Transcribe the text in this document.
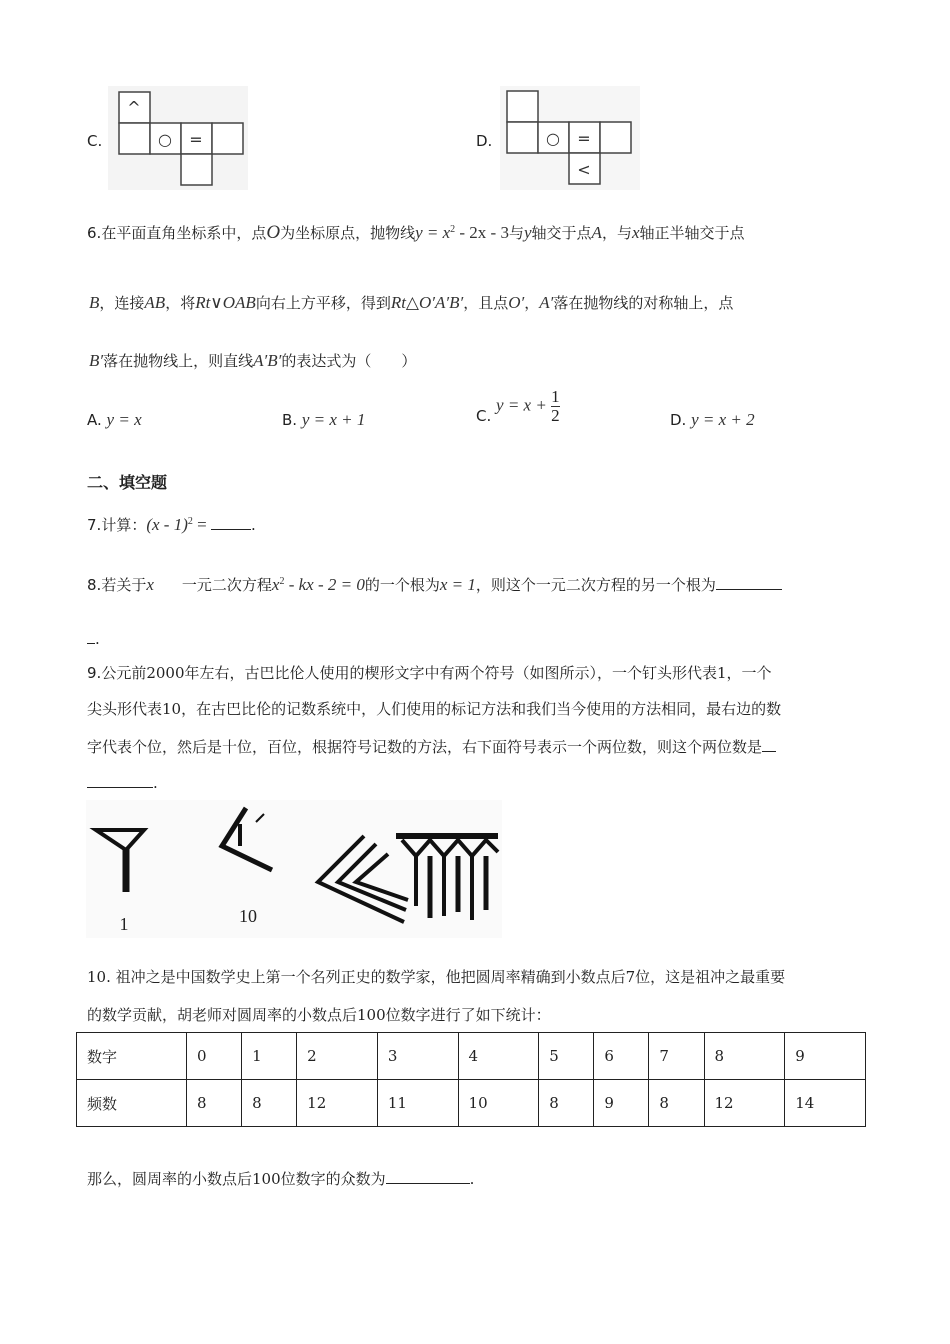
C.
^
○ =	D.	○ =
<
6.在平面直角坐标系中，点O为坐标原点，抛物线$y = x^2 - 2x - 3$与y轴交于点A，与x轴正半轴交于点
B，连接AB，将Rt∨OAB向右上方平移，得到Rt△O′A′B′，且点O′，A′落在抛物线的对称轴上，点
B′落在抛物线上，则直线A′B′的表达式为（　　）
A. y = x	B. y = x + 1	C. $y = x + \frac{1}{2}$	D. y = x + 2
二、填空题
7.计算：(x - 1)$^2$ =	.
8.若关于x 一元二次方程$x^2$ - kx - 2 = 0的一个根为x = 1，则这个一元二次方程的另一个根为
.
9.公元前2000年左右，古巴比伦人使用的楔形文字中有两个符号（如图所示），一个钉头形代表1，一个
尖头形代表10，在古巴比伦的记数系统中，人们使用的标记方法和我们当今使用的方法相同，最右边的数
字代表个位，然后是十位，百位，根据符号记数的方法，右下面符号表示一个两位数，则这个两位数是
.
1	10
10. 祖冲之是中国数学史上第一个名列正史的数学家，他把圆周率精确到小数点后7位，这是祖冲之最重要
的数学贡献，胡老师对圆周率的小数点后100位数字进行了如下统计：
数字	0	1	2	3	4	5	6	7	8	9
频数	8	8	12	11	10	8	9	8	12	14
那么，圆周率的小数点后100位数字的众数为	.
